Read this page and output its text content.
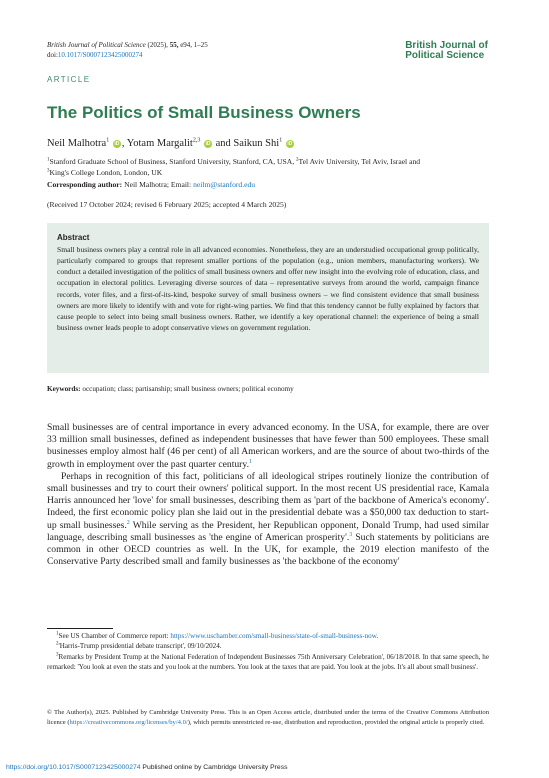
British Journal of Political Science (2025), 55, e94, 1–25
doi:10.1017/S0007123425000274
British Journal of
Political Science
ARTICLE
The Politics of Small Business Owners
Neil Malhotra$^1$ iD , Yotam Margalit$^{2,3}$ iD and Saikun Shi$^1$ iD
$^1$Stanford Graduate School of Business, Stanford University, Stanford, CA, USA, $^2$Tel Aviv University, Tel Aviv, Israel and
$^3$King's College London, London, UK
Corresponding author: Neil Malhotra; Email: neilm@stanford.edu
(Received 17 October 2024; revised 6 February 2025; accepted 4 March 2025)
Abstract
Small business owners play a central role in all advanced economies. Nonetheless, they are an understudied occupational group politically, particularly compared to groups that represent smaller portions of the population (e.g., union members, manufacturing workers). We conduct a detailed investigation of the politics of small business owners and offer new insight into the evolving role of education, class, and occupation in electoral politics. Leveraging diverse sources of data – representative surveys from around the world, campaign finance records, voter files, and a first-of-its-kind, bespoke survey of small business owners – we find consistent evidence that small business owners are more likely to identify with and vote for right-wing parties. We find that this tendency cannot be fully explained by factors that cause people to select into being small business owners. Rather, we identify a key operational channel: the experience of being a small business owner leads people to adopt conservative views on government regulation.
Keywords: occupation; class; partisanship; small business owners; political economy

Small businesses are of central importance in every advanced economy. In the USA, for example, there are over 33 million small businesses, defined as independent businesses that have fewer than 500 employees. These small businesses employ almost half (46 per cent) of all American workers, and are the source of about two-thirds of the growth in employment over the past quarter century.$^1$

Perhaps in recognition of this fact, politicians of all ideological stripes routinely lionize the contribution of small businesses and try to court their owners' political support. In the most recent US presidential race, Kamala Harris announced her 'love' for small businesses, describing them as 'part of the backbone of America's economy'. Indeed, the first economic policy plan she laid out in the presidential debate was a $50,000 tax deduction to start-up small businesses.$^2$ While serving as the President, her Republican opponent, Donald Trump, had used similar language, describing small businesses as 'the engine of American prosperity'.$^3$ Such statements by politicians are common in other OECD countries as well. In the UK, for example, the 2019 election manifesto of the Conservative Party described small and family businesses as 'the backbone of the economy'

$^1$See US Chamber of Commerce report: https://www.uschamber.com/small-business/state-of-small-business-now.
$^2$'Harris-Trump presidential debate transcript', 09/10/2024.
$^3$Remarks by President Trump at the National Federation of Independent Businesses 75th Anniversary Celebration', 06/18/2018. In that same speech, he remarked: 'You look at even the stats and you look at the numbers. You look at the taxes that are paid. You look at the jobs. It's all about small business'.
© The Author(s), 2025. Published by Cambridge University Press. This is an Open Access article, distributed under the terms of the Creative Commons Attribution licence (https://creativecommons.org/licenses/by/4.0/), which permits unrestricted re-use, distribution and reproduction, provided the original article is properly cited.
https://doi.org/10.1017/S0007123425000274 Published online by Cambridge University Press
